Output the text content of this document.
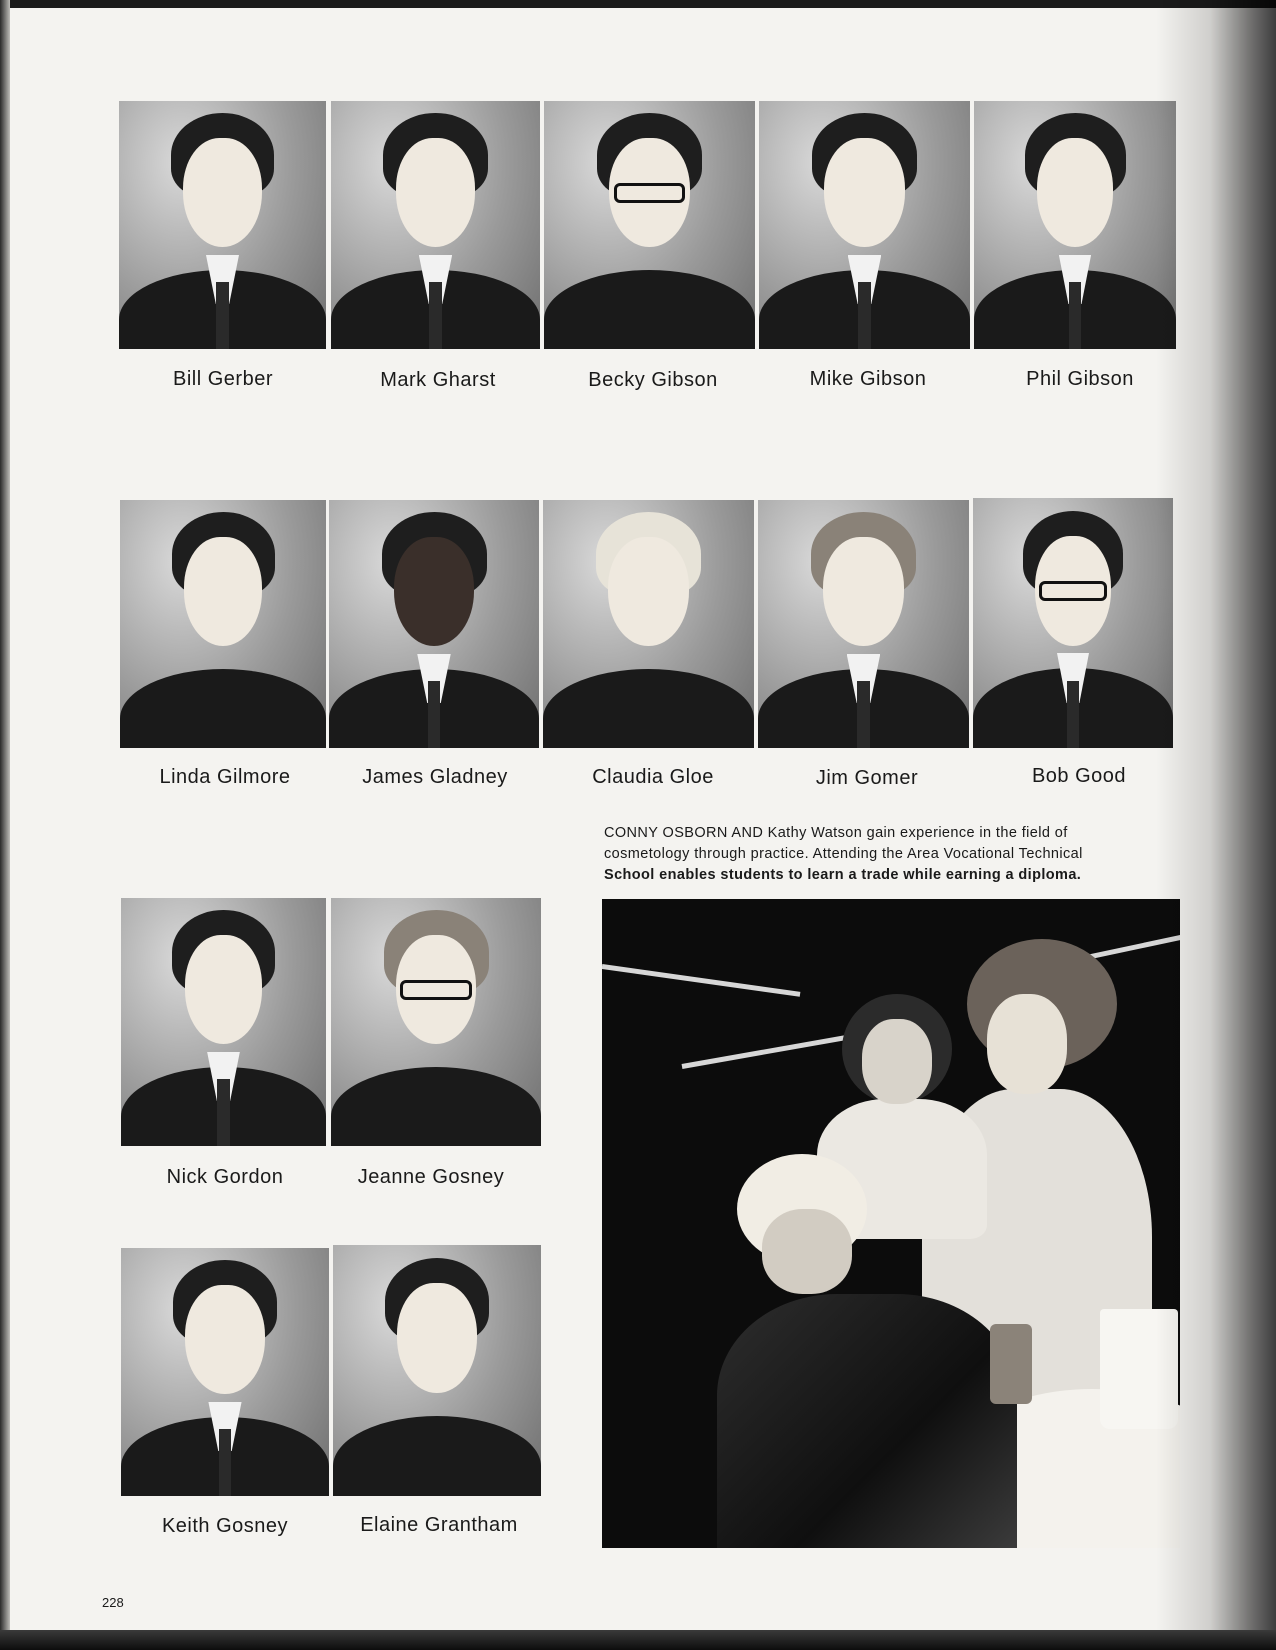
Bill Gerber	Mark Gharst	Becky Gibson	Mike Gibson	Phil Gibson
Linda Gilmore	James Gladney	Claudia Gloe	Jim Gomer	Bob Good
CONNY OSBORN AND Kathy Watson gain experience in the field of
cosmetology through practice. Attending the Area Vocational Technical
School enables students to learn a trade while earning a diploma.
Nick Gordon	Jeanne Gosney
Keith Gosney	Elaine Grantham
228
